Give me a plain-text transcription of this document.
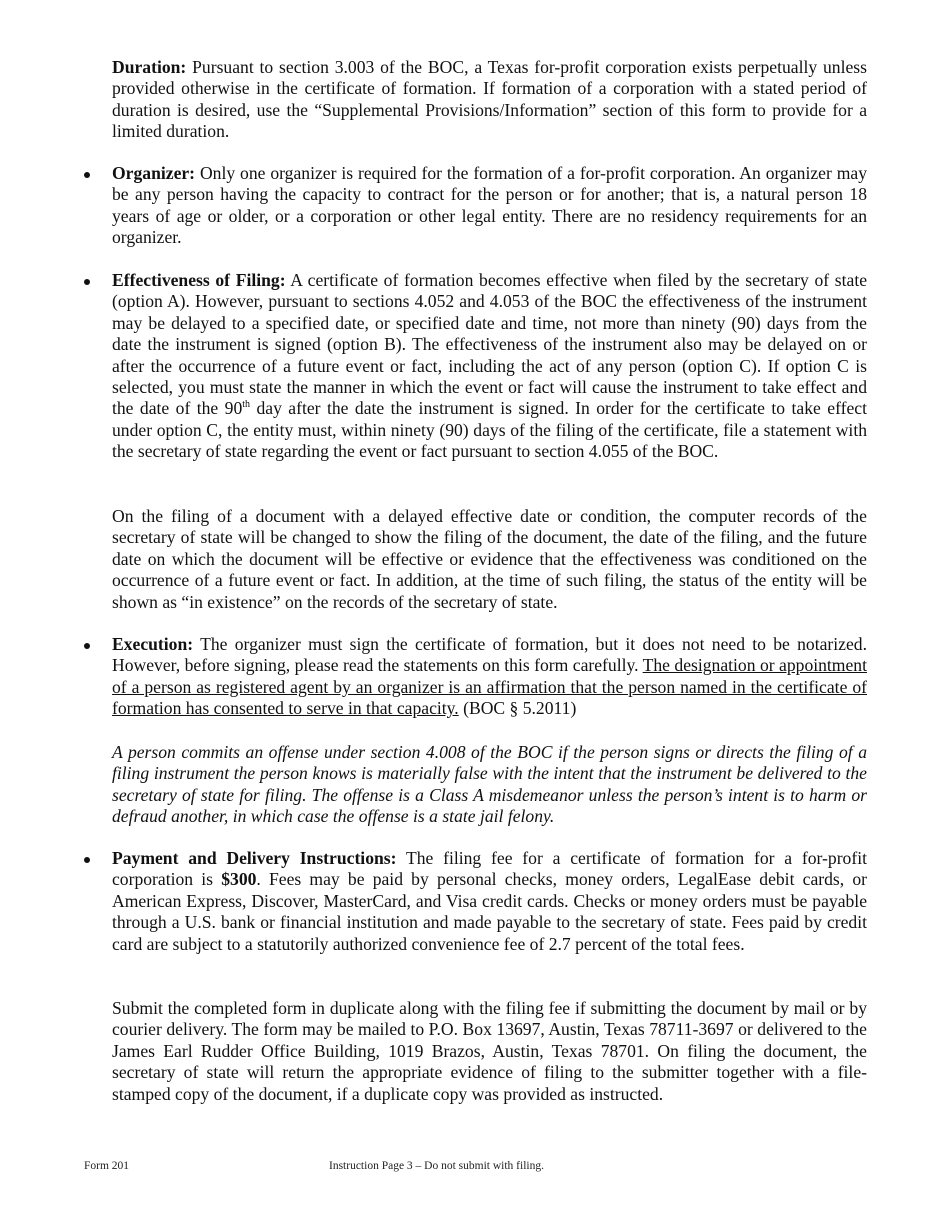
Duration: Pursuant to section 3.003 of the BOC, a Texas for-profit corporation exists perpetually unless provided otherwise in the certificate of formation. If formation of a corporation with a stated period of duration is desired, use the “Supplemental Provisions/Information” section of this form to provide for a limited duration.

Organizer: Only one organizer is required for the formation of a for-profit corporation. An organizer may be any person having the capacity to contract for the person or for another; that is, a natural person 18 years of age or older, or a corporation or other legal entity. There are no residency requirements for an organizer.

Effectiveness of Filing: A certificate of formation becomes effective when filed by the secretary of state (option A). However, pursuant to sections 4.052 and 4.053 of the BOC the effectiveness of the instrument may be delayed to a specified date, or specified date and time, not more than ninety (90) days from the date the instrument is signed (option B). The effectiveness of the instrument also may be delayed on or after the occurrence of a future event or fact, including the act of any person (option C). If option C is selected, you must state the manner in which the event or fact will cause the instrument to take effect and the date of the 90th day after the date the instrument is signed. In order for the certificate to take effect under option C, the entity must, within ninety (90) days of the filing of the certificate, file a statement with the secretary of state regarding the event or fact pursuant to section 4.055 of the BOC.

On the filing of a document with a delayed effective date or condition, the computer records of the secretary of state will be changed to show the filing of the document, the date of the filing, and the future date on which the document will be effective or evidence that the effectiveness was conditioned on the occurrence of a future event or fact. In addition, at the time of such filing, the status of the entity will be shown as “in existence” on the records of the secretary of state.

Execution: The organizer must sign the certificate of formation, but it does not need to be notarized. However, before signing, please read the statements on this form carefully. The designation or appointment of a person as registered agent by an organizer is an affirmation that the person named in the certificate of formation has consented to serve in that capacity. (BOC § 5.2011)

A person commits an offense under section 4.008 of the BOC if the person signs or directs the filing of a filing instrument the person knows is materially false with the intent that the instrument be delivered to the secretary of state for filing. The offense is a Class A misdemeanor unless the person’s intent is to harm or defraud another, in which case the offense is a state jail felony.

Payment and Delivery Instructions: The filing fee for a certificate of formation for a for-profit corporation is $300. Fees may be paid by personal checks, money orders, LegalEase debit cards, or American Express, Discover, MasterCard, and Visa credit cards. Checks or money orders must be payable through a U.S. bank or financial institution and made payable to the secretary of state. Fees paid by credit card are subject to a statutorily authorized convenience fee of 2.7 percent of the total fees.

Submit the completed form in duplicate along with the filing fee if submitting the document by mail or by courier delivery. The form may be mailed to P.O. Box 13697, Austin, Texas 78711-3697 or delivered to the James Earl Rudder Office Building, 1019 Brazos, Austin, Texas 78701. On filing the document, the secretary of state will return the appropriate evidence of filing to the submitter together with a file- stamped copy of the document, if a duplicate copy was provided as instructed.

Form 201	Instruction Page 3 – Do not submit with filing.
